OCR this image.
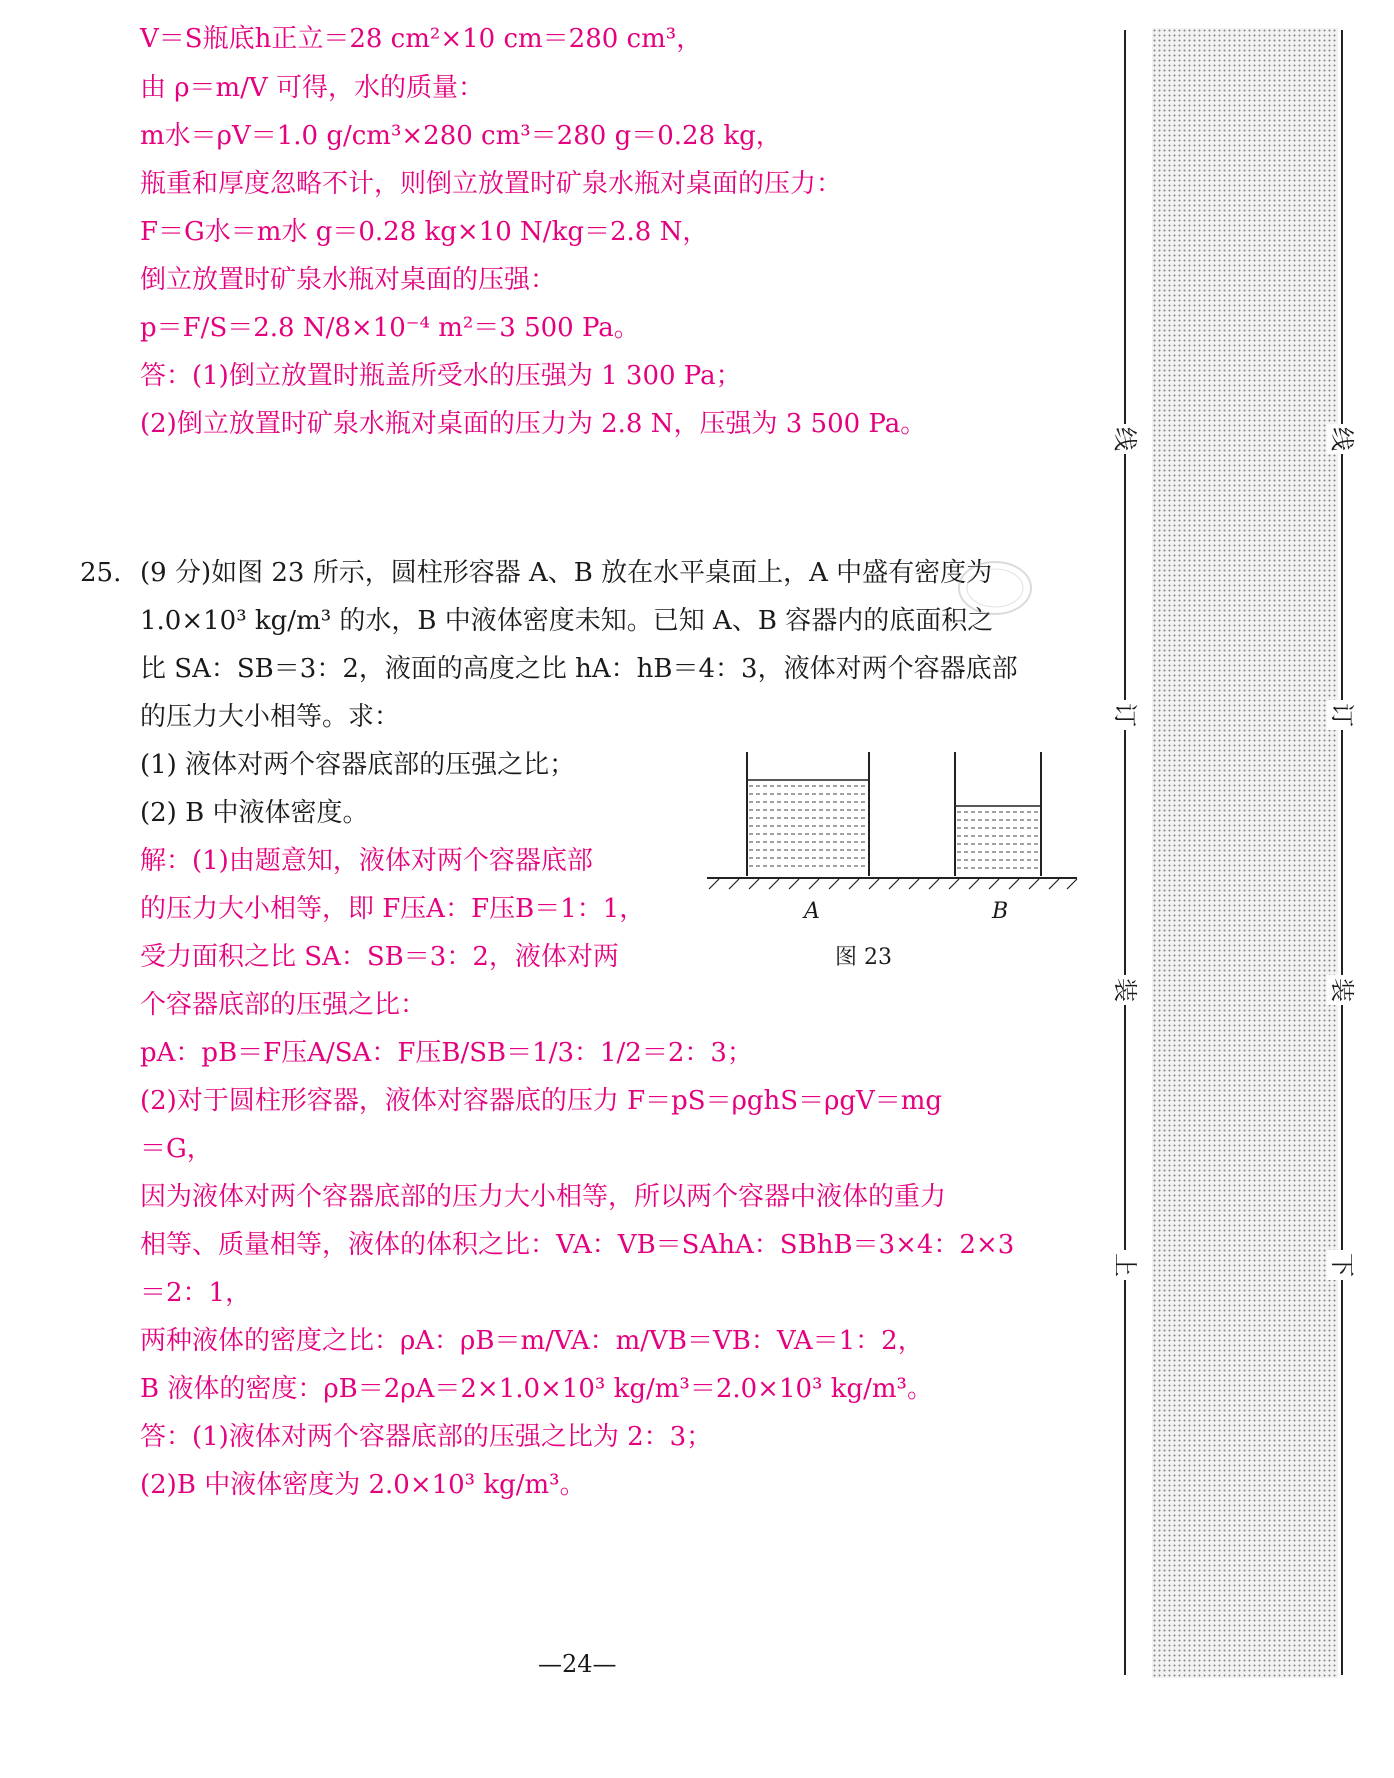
V＝S瓶底h正立＝28 cm²×10 cm＝280 cm³，
由 ρ＝m/V 可得，水的质量：
m水＝ρV＝1.0 g/cm³×280 cm³＝280 g＝0.28 kg，
瓶重和厚度忽略不计，则倒立放置时矿泉水瓶对桌面的压力：
F＝G水＝m水 g＝0.28 kg×10 N/kg＝2.8 N，
倒立放置时矿泉水瓶对桌面的压强：
p＝F/S＝2.8 N/8×10⁻⁴ m²＝3 500 Pa。
答：(1)倒立放置时瓶盖所受水的压强为 1 300 Pa；
(2)倒立放置时矿泉水瓶对桌面的压力为 2.8 N，压强为 3 500 Pa。
25. (9 分)如图 23 所示，圆柱形容器 A、B 放在水平桌面上，A 中盛有密度为
1.0×10³ kg/m³ 的水，B 中液体密度未知。已知 A、B 容器内的底面积之
比 SA：SB＝3：2，液面的高度之比 hA：hB＝4：3，液体对两个容器底部
的压力大小相等。求：
(1) 液体对两个容器底部的压强之比；
(2) B 中液体密度。
A	B
图 23
解：(1)由题意知，液体对两个容器底部
的压力大小相等，即 F压A：F压B＝1：1，
受力面积之比 SA：SB＝3：2，液体对两
个容器底部的压强之比：
pA：pB＝F压A/SA：F压B/SB＝1/3：1/2＝2：3；
(2)对于圆柱形容器，液体对容器底的压力 F＝pS＝ρghS＝ρgV＝mg
＝G，
因为液体对两个容器底部的压力大小相等，所以两个容器中液体的重力
相等、质量相等，液体的体积之比：VA：VB＝SAhA：SBhB＝3×4：2×3
＝2：1，
两种液体的密度之比：ρA：ρB＝m/VA：m/VB＝VB：VA＝1：2，
B 液体的密度：ρB＝2ρA＝2×1.0×10³ kg/m³＝2.0×10³ kg/m³。
答：(1)液体对两个容器底部的压强之比为 2：3；
(2)B 中液体密度为 2.0×10³ kg/m³。
—24—
线
订
装
上
线
订
装
下
